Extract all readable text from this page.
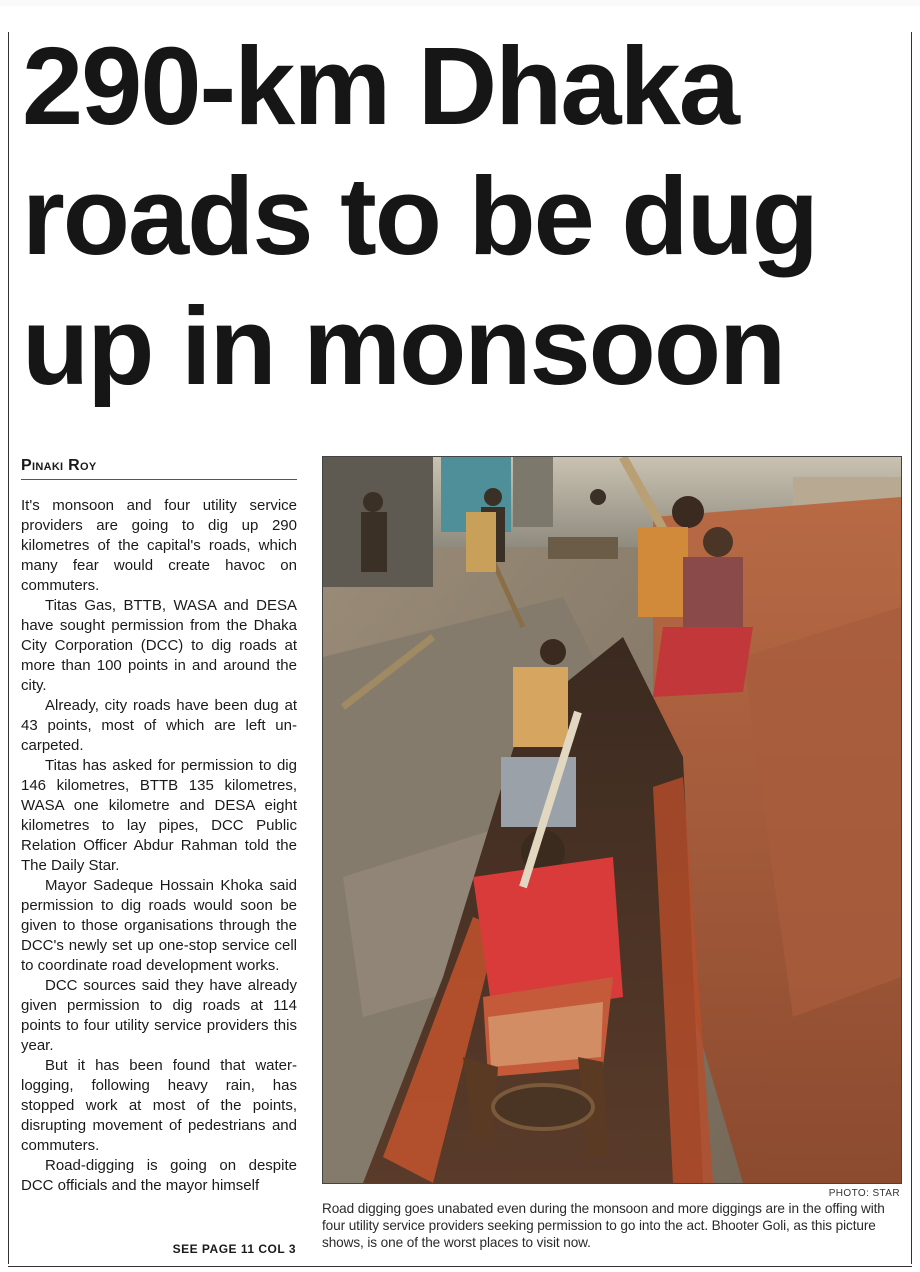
290-km Dhaka
roads to be dug
up in monsoon
Pinaki Roy

It's monsoon and four utility service providers are going to dig up 290 kilometres of the capital's roads, which many fear would create havoc on commuters.

Titas Gas, BTTB, WASA and DESA have sought permission from the Dhaka City Corporation (DCC) to dig roads at more than 100 points in and around the city.

Already, city roads have been dug at 43 points, most of which are left un-carpeted.

Titas has asked for permission to dig 146 kilometres, BTTB 135 kilometres, WASA one kilometre and DESA eight kilometres to lay pipes, DCC Public Relation Officer Abdur Rahman told the The Daily Star.

Mayor Sadeque Hossain Khoka said permission to dig roads would soon be given to those organisations through the DCC's newly set up one-stop service cell to coordinate road development works.

DCC sources said they have already given permission to dig roads at 114 points to four utility service providers this year.

But it has been found that water-logging, following heavy rain, has stopped work at most of the points, disrupting movement of pedestrians and commuters.

Road-digging is going on despite DCC officials and the mayor himself

SEE PAGE 11 COL 3
PHOTO: STAR
Road digging goes unabated even during the monsoon and more diggings are in the offing with four utility service providers seeking permission to go into the act. Bhooter Goli, as this picture shows, is one of the worst places to visit now.
